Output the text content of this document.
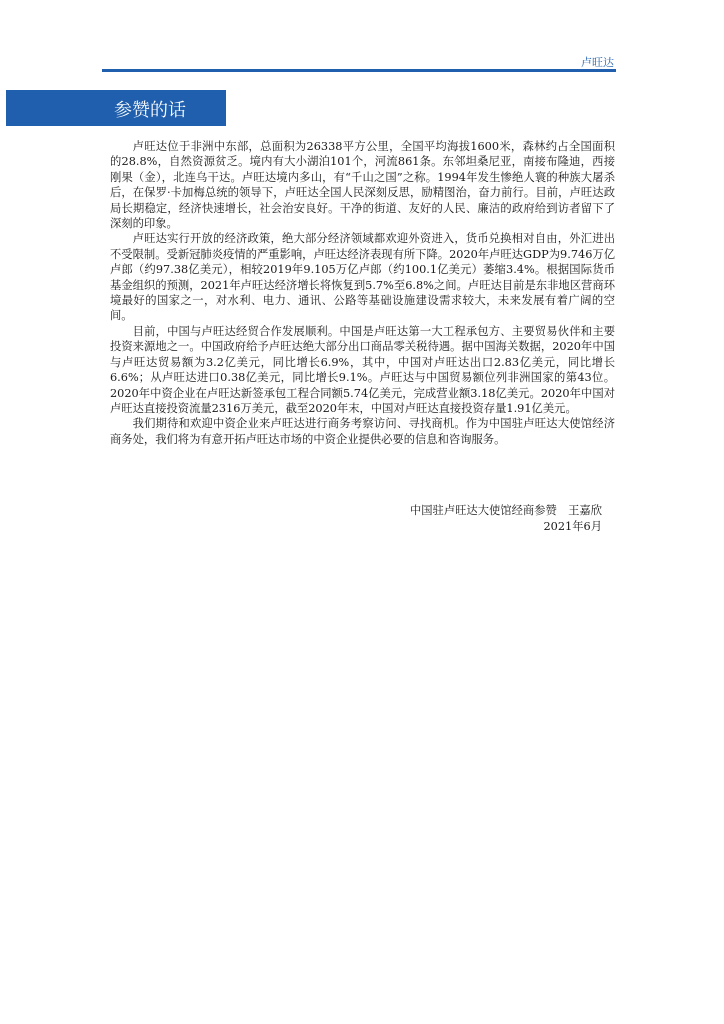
卢旺达
参赞的话

卢旺达位于非洲中东部，总面积为26338平方公里，全国平均海拔1600米，森林约占全国面积的28.8%，自然资源贫乏。境内有大小湖泊101个，河流861条。东邻坦桑尼亚，南接布隆迪，西接刚果（金），北连乌干达。卢旺达境内多山，有“千山之国”之称。1994年发生惨绝人寰的种族大屠杀后，在保罗·卡加梅总统的领导下，卢旺达全国人民深刻反思，励精图治，奋力前行。目前，卢旺达政局长期稳定，经济快速增长，社会治安良好。干净的街道、友好的人民、廉洁的政府给到访者留下了深刻的印象。

卢旺达实行开放的经济政策，绝大部分经济领域都欢迎外资进入，货币兑换相对自由，外汇进出不受限制。受新冠肺炎疫情的严重影响，卢旺达经济表现有所下降。2020年卢旺达GDP为9.746万亿卢郎（约97.38亿美元），相较2019年9.105万亿卢郎（约100.1亿美元）萎缩3.4%。根据国际货币基金组织的预测，2021年卢旺达经济增长将恢复到5.7%至6.8%之间。卢旺达目前是东非地区营商环境最好的国家之一，对水利、电力、通讯、公路等基础设施建设需求较大，未来发展有着广阔的空间。

目前，中国与卢旺达经贸合作发展顺利。中国是卢旺达第一大工程承包方、主要贸易伙伴和主要投资来源地之一。中国政府给予卢旺达绝大部分出口商品零关税待遇。据中国海关数据，2020年中国与卢旺达贸易额为3.2亿美元，同比增长6.9%，其中，中国对卢旺达出口2.83亿美元，同比增长6.6%；从卢旺达进口0.38亿美元，同比增长9.1%。卢旺达与中国贸易额位列非洲国家的第43位。2020年中资企业在卢旺达新签承包工程合同额5.74亿美元，完成营业额3.18亿美元。2020年中国对卢旺达直接投资流量2316万美元，截至2020年末，中国对卢旺达直接投资存量1.91亿美元。

我们期待和欢迎中资企业来卢旺达进行商务考察访问、寻找商机。作为中国驻卢旺达大使馆经济商务处，我们将为有意开拓卢旺达市场的中资企业提供必要的信息和咨询服务。

中国驻卢旺达大使馆经商参赞　王嘉欣
2021年6月
